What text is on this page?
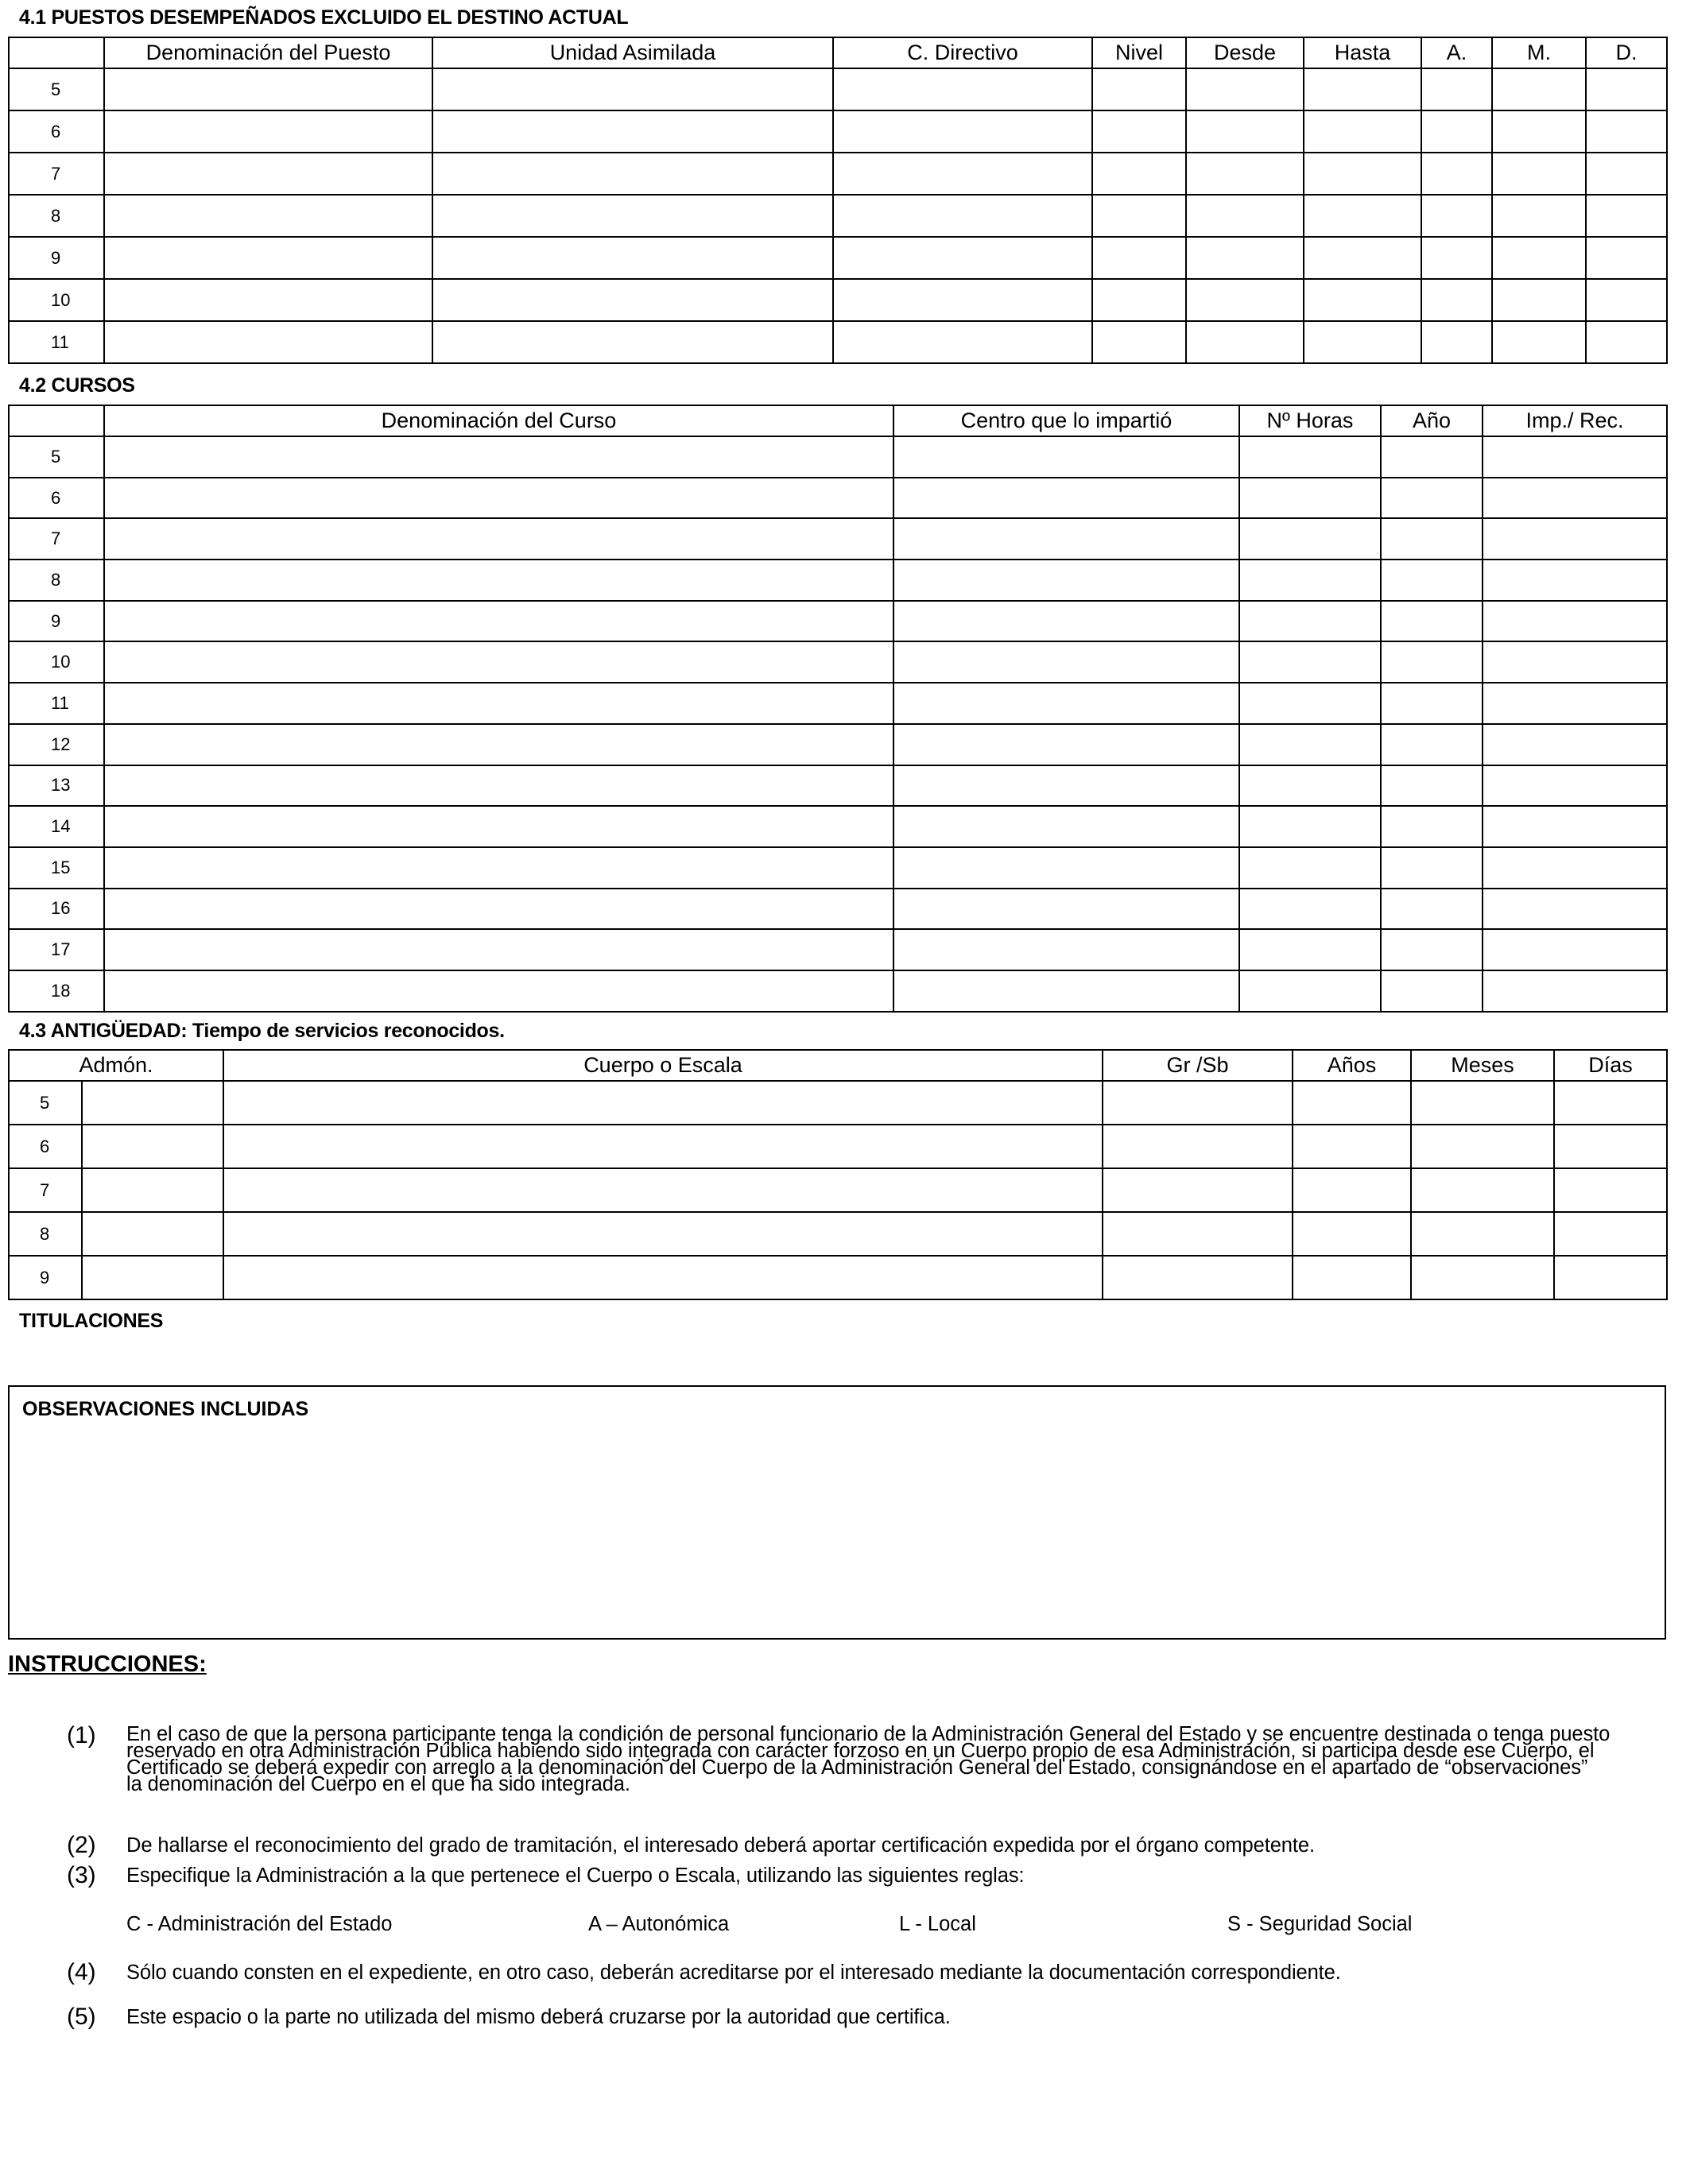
4.1 PUESTOS DESEMPEÑADOS EXCLUIDO EL DESTINO ACTUAL
	Denominación del Puesto	Unidad Asimilada	C. Directivo	Nivel	Desde	Hasta	A.	M.	D.
5									
6									
7									
8									
9									
10									
11									
4.2 CURSOS
	Denominación del Curso	Centro que lo impartió	Nº Horas	Año	Imp./ Rec.
5					
6					
7					
8					
9					
10					
11					
12					
13					
14					
15					
16					
17					
18					
4.3 ANTIGÜEDAD: Tiempo de servicios reconocidos.
Admón.		Cuerpo o Escala	Gr /Sb	Años	Meses	Días
5						
6						
7						
8						
9						
TITULACIONES
OBSERVACIONES INCLUIDAS
INSTRUCCIONES:
(1) En el caso de que la persona participante tenga la condición de personal funcionario de la Administración General del Estado y se encuentre destinada o tenga puesto
reservado en otra Administración Pública habiendo sido integrada con carácter forzoso en un Cuerpo propio de esa Administración, si participa desde ese Cuerpo, el
Certificado se deberá expedir con arreglo a la denominación del Cuerpo de la Administración General del Estado, consignándose en el apartado de “observaciones”
la denominación del Cuerpo en el que ha sido integrada.
(2) De hallarse el reconocimiento del grado de tramitación, el interesado deberá aportar certificación expedida por el órgano competente.
(3) Especifique la Administración a la que pertenece el Cuerpo o Escala, utilizando las siguientes reglas:
C - Administración del Estado	A – Autonómica	L - Local	S - Seguridad Social
(4) Sólo cuando consten en el expediente, en otro caso, deberán acreditarse por el interesado mediante la documentación correspondiente.
(5) Este espacio o la parte no utilizada del mismo deberá cruzarse por la autoridad que certifica.
